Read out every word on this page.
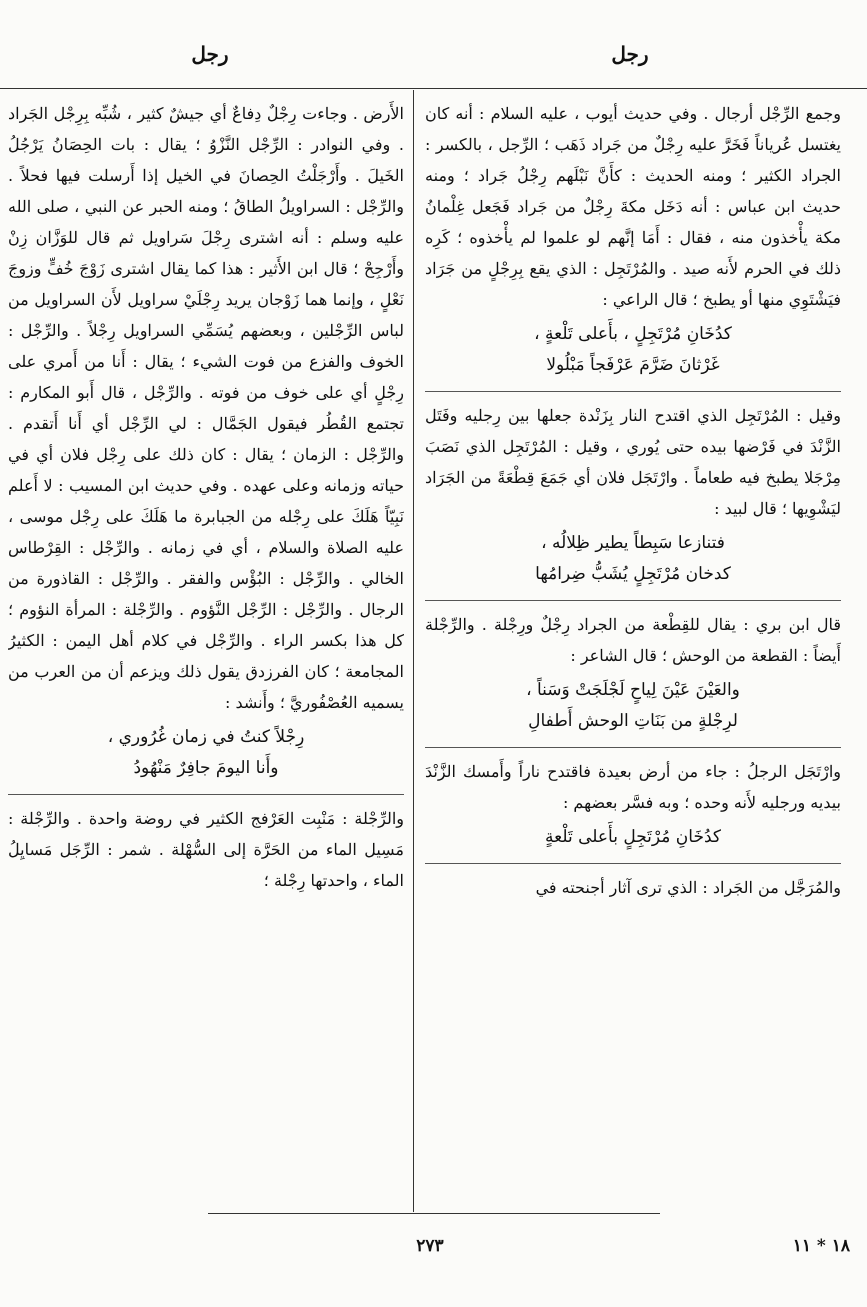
رجل
رجل

وجمع الرِّجْل أرجال . وفي حديث أيوب ، عليه السلام : أنه كان يغتسل عُرياناً فَخَرَّ عليه رِجْلٌ من جَراد ذَهَب ؛ الرِّجل ، بالكسر : الجراد الكثير ؛ ومنه الحديث : كأَنَّ نَبْلَهم رِجْلُ جَراد ؛ ومنه حديث ابن عباس : أنه دَخَل مكةَ رِجْلٌ من جَراد فَجَعل غِلْمانُ مكة يأْخذون منه ، فقال : أَمَا إنَّهم لو علموا لم يأْخذوه ؛ كَرِه ذلك في الحرم لأَنه صيد . والمُرْتَجِل : الذي يقع بِرِجْلٍ من جَرَاد فيَشْتَوِي منها أو يطبخ ؛ قال الراعي :

كدُخَانِ مُرْتَجِلٍ ، بأَعلى تَلْعةٍ ،
غَرْثانَ ضَرَّمَ عَرْفَجاً مَبْلُولا

وقيل : المُرْتَجِل الذي اقتدح النار بِزَنْدة جعلها بين رِجليه وفَتَل الزَّنْدَ في فَرْضها بيده حتى يُوري ، وقيل : المُرْتَجِل الذي نَصَبَ مِرْجَلا يطبخ فيه طعاماً . وارْتَجَل فلان أي جَمَعَ قِطْعَةً من الجَرَاد ليَشْوِيها ؛ قال لبيد :

فتنازعا سَبِطاً يطير ظِلالُه ،
كدخان مُرْتَجِلٍ يُشَبُّ ضِرامُها

قال ابن بري : يقال للقِطْعة من الجراد رِجْلٌ ورِجْلة . والرِّجْلة أَيضاً : القطعة من الوحش ؛ قال الشاعر :

والعَيْنَ عَيْنَ لِياحٍ لَجْلَجَتْ وَسَناً ،
لرِجْلةٍ من بَنَاتِ الوحش أَطفالِ

وارْتَجَل الرجلُ : جاء من أرض بعيدة فاقتدح ناراً وأَمسك الزَّنْدَ بيديه ورجليه لأَنه وحده ؛ وبه فسَّر بعضهم :

كدُخَانِ مُرْتَجِلٍ بأَعلى تَلْعةٍ

والمُرَجَّل من الجَراد : الذي ترى آثار أجنحته في

الأَرض . وجاءت رِجْلٌ دِفاعٌ أي جيشٌ كثير ، شُبِّه بِرِجْل الجَراد . وفي النوادر : الرِّجْل النَّزْوُ ؛ يقال : بات الحِصَانُ يَرْجُلُ الخَيلَ . وأَرْجَلْتُ الحِصانَ في الخيل إذا أَرسلت فيها فحلاً . والرِّجْل : السراويلُ الطاقُ ؛ ومنه الحبر عن النبي ، صلى الله عليه وسلم : أنه اشترى رِجْلَ سَراويل ثم قال للوَزَّان زِنْ وأَرْجِحْ ؛ قال ابن الأَثير : هذا كما يقال اشترى زَوْجَ خُفٍّ وزوجَ نَعْلٍ ، وإنما هما زَوْجان يريد رِجْلَيْ سراويل لأَن السراويل من لباس الرِّجْلين ، وبعضهم يُسَمِّي السراويل رِجْلاً . والرِّجْل : الخوف والفزع من فوت الشيء ؛ يقال : أَنا من أَمري على رِجْلٍ أي على خوف من فوته . والرِّجْل ، قال أَبو المكارم : تجتمع القُطُر فيقول الجَمَّال : لي الرِّجْل أي أَنا أَتقدم . والرِّجْل : الزمان ؛ يقال : كان ذلك على رِجْل فلان أي في حياته وزمانه وعلى عهده . وفي حديث ابن المسيب : لا أَعلم نَبِيّاً هَلَكَ على رِجْله من الجبابرة ما هَلَكَ على رِجْل موسى ، عليه الصلاة والسلام ، أي في زمانه . والرِّجْل : القِرْطاس الخالي . والرِّجْل : البُؤْس والفقر . والرِّجْل : القاذورة من الرجال . والرِّجْل : الرِّجْل النَّؤوم . والرِّجْلة : المرأة النؤوم ؛ كل هذا بكسر الراء . والرِّجْل في كلام أهل اليمن : الكثيرُ المجامعة ؛ كان الفرزدق يقول ذلك ويزعم أن من العرب من يسميه العُصْفُوريَّ ؛ وأَنشد :

رِجْلاً كنتُ في زمان غُرُوري ،
وأَنا اليومَ جافِرٌ مَنْهُودُ

والرِّجْلة : مَنْبِت العَرْفج الكثير في روضة واحدة . والرِّجْلة : مَسِيل الماء من الحَرَّة إلى السُّهْلة . شمر : الرِّجَل مَسايِلُ الماء ، واحدتها رِجْلة ؛

٢٧٣	١٨ * ١١
